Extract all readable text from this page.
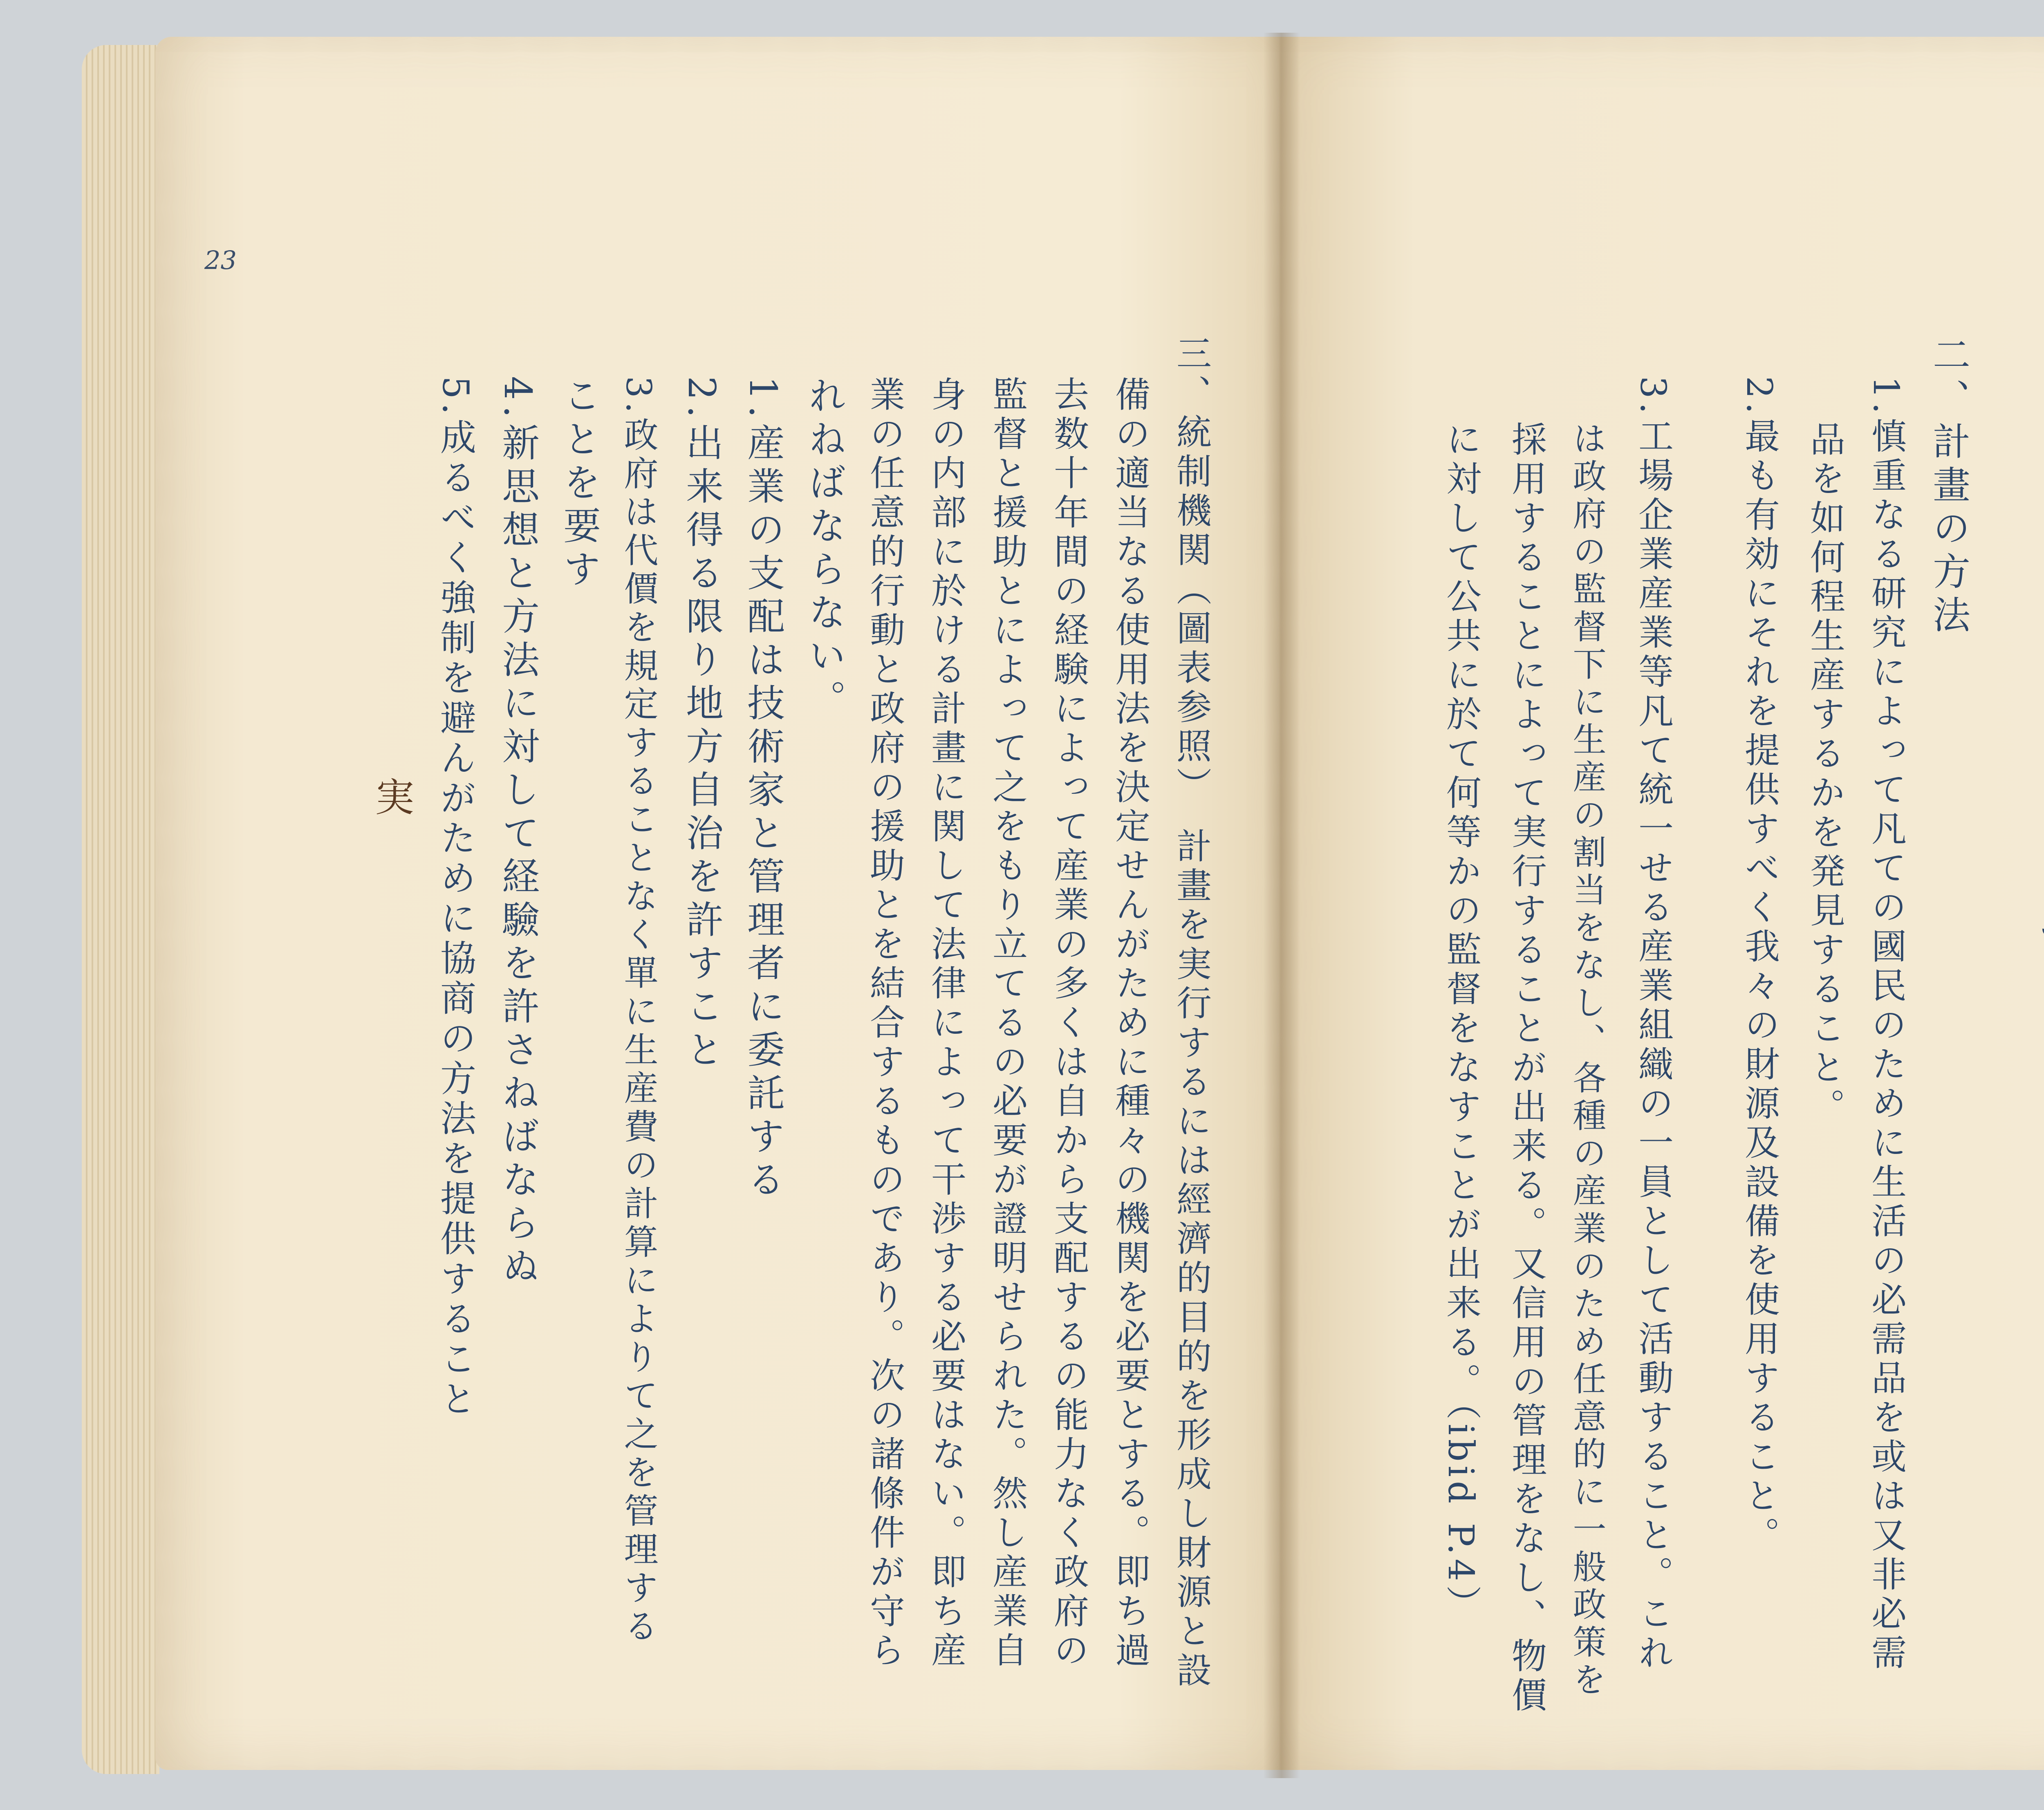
23
二、計畫の方法
1.慎重なる研究によって凡ての國民のために生活の必需品を或は又非必需
品を如何程生産するかを発見すること。
2.最も有効にそれを提供すべく我々の財源及設備を使用すること。
3.工場企業産業等凡て統一せる産業組織の一員として活動すること。これ
は政府の監督下に生産の割当をなし、各種の産業のため任意的に一般政策を
採用することによって実行することが出来る。又信用の管理をなし、物價
に対して公共に於て何等かの監督をなすことが出来る。（ibid P.4）
三、統制機関（圖表参照）　計畫を実行するには經濟的目的を形成し財源と設
備の適当なる使用法を決定せんがために種々の機関を必要とする。即ち過
去数十年間の経験によって産業の多くは自から支配するの能力なく政府の
監督と援助とによって之をもり立てるの必要が證明せられた。然し産業自
身の内部に於ける計畫に関して法律によって干渉する必要はない。即ち産
業の任意的行動と政府の援助とを結合するものであり。次の諸條件が守ら
れねばならない。
1.産業の支配は技術家と管理者に委託する
2.出来得る限り地方自治を許すこと
3.政府は代價を規定することなく單に生産費の計算によりて之を管理する
ことを要す
4.新思想と方法に対して経驗を許さねばならぬ
5.成るべく強制を避んがために協商の方法を提供すること
実
